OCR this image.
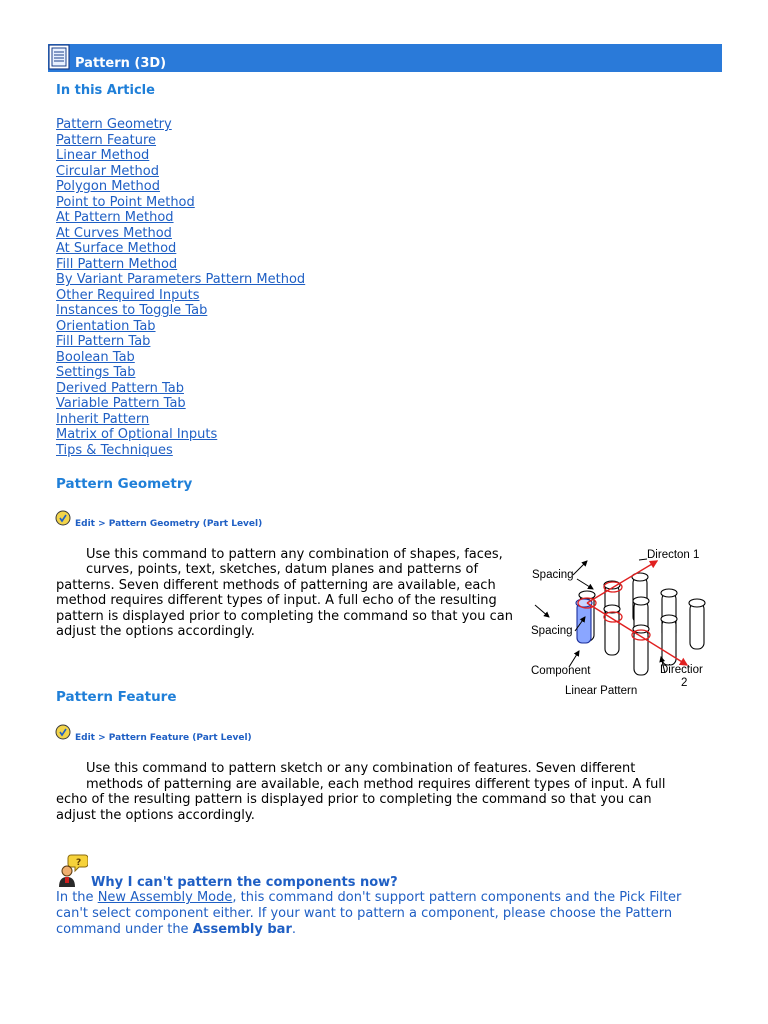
Pattern (3D)
In this Article
Pattern Geometry
Pattern Feature
Linear Method
Circular Method
Polygon Method
Point to Point Method
At Pattern Method
At Curves Method
At Surface Method
Fill Pattern Method
By Variant Parameters Pattern Method
Other Required Inputs
Instances to Toggle Tab
Orientation Tab
Fill Pattern Tab
Boolean Tab
Settings Tab
Derived Pattern Tab
Variable Pattern Tab
Inherit Pattern
Matrix of Optional Inputs
Tips & Techniques
Pattern Geometry
Edit > Pattern Geometry (Part Level)
Use this command to pattern any combination of shapes, faces,
curves, points, text, sketches, datum planes and patterns of
patterns. Seven different methods of patterning are available, each
method requires different types of input. A full echo of the resulting
pattern is displayed prior to completing the command so that you can
adjust the options accordingly.
Directon 1
Spacing
Spacing
Component	Directior
2
Linear Pattern
Pattern Feature
Edit > Pattern Feature (Part Level)
Use this command to pattern sketch or any combination of features. Seven different
methods of patterning are available, each method requires different types of input. A full
echo of the resulting pattern is displayed prior to completing the command so that you can
adjust the options accordingly.
?
Why I can't pattern the components now?
In the New Assembly Mode, this command don't support pattern components and the Pick Filter
can't select component either. If your want to pattern a component, please choose the Pattern
command under the Assembly bar.
